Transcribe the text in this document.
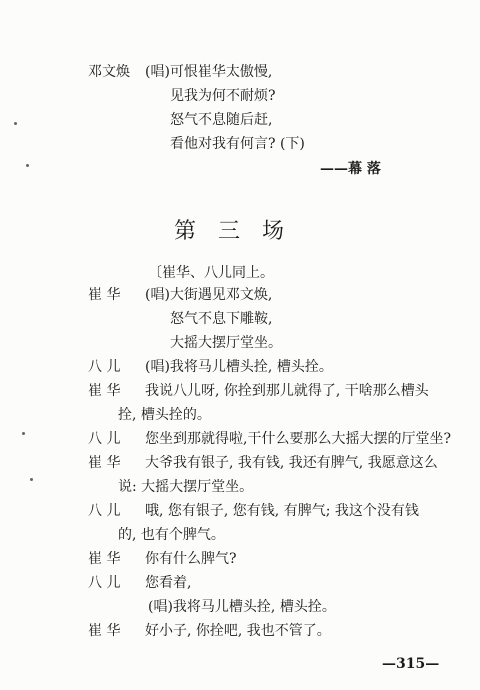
邓文焕 (唱)可恨崔华太傲慢,
见我为何不耐烦?
怒气不息随后赶,
看他对我有何言? (下)
——幕 落
第三场
〔崔华、八儿同上。
崔 华 (唱)大街遇见邓文焕,
怒气不息下雕鞍,
大摇大摆厅堂坐。
八 儿 (唱)我将马儿槽头拴, 槽头拴。
崔 华 我说八儿呀, 你拴到那儿就得了, 干啥那么槽头
拴, 槽头拴的。
八 儿 您坐到那就得啦,干什么要那么大摇大摆的厅堂坐?
崔 华 大爷我有银子, 我有钱, 我还有脾气, 我愿意这么
说: 大摇大摆厅堂坐。
八 儿 哦, 您有银子, 您有钱, 有脾气; 我这个没有钱
的, 也有个脾气。
崔 华 你有什么脾气?
八 儿 您看着,
(唱)我将马儿槽头拴, 槽头拴。
崔 华 好小子, 你拴吧, 我也不管了。
—315—
